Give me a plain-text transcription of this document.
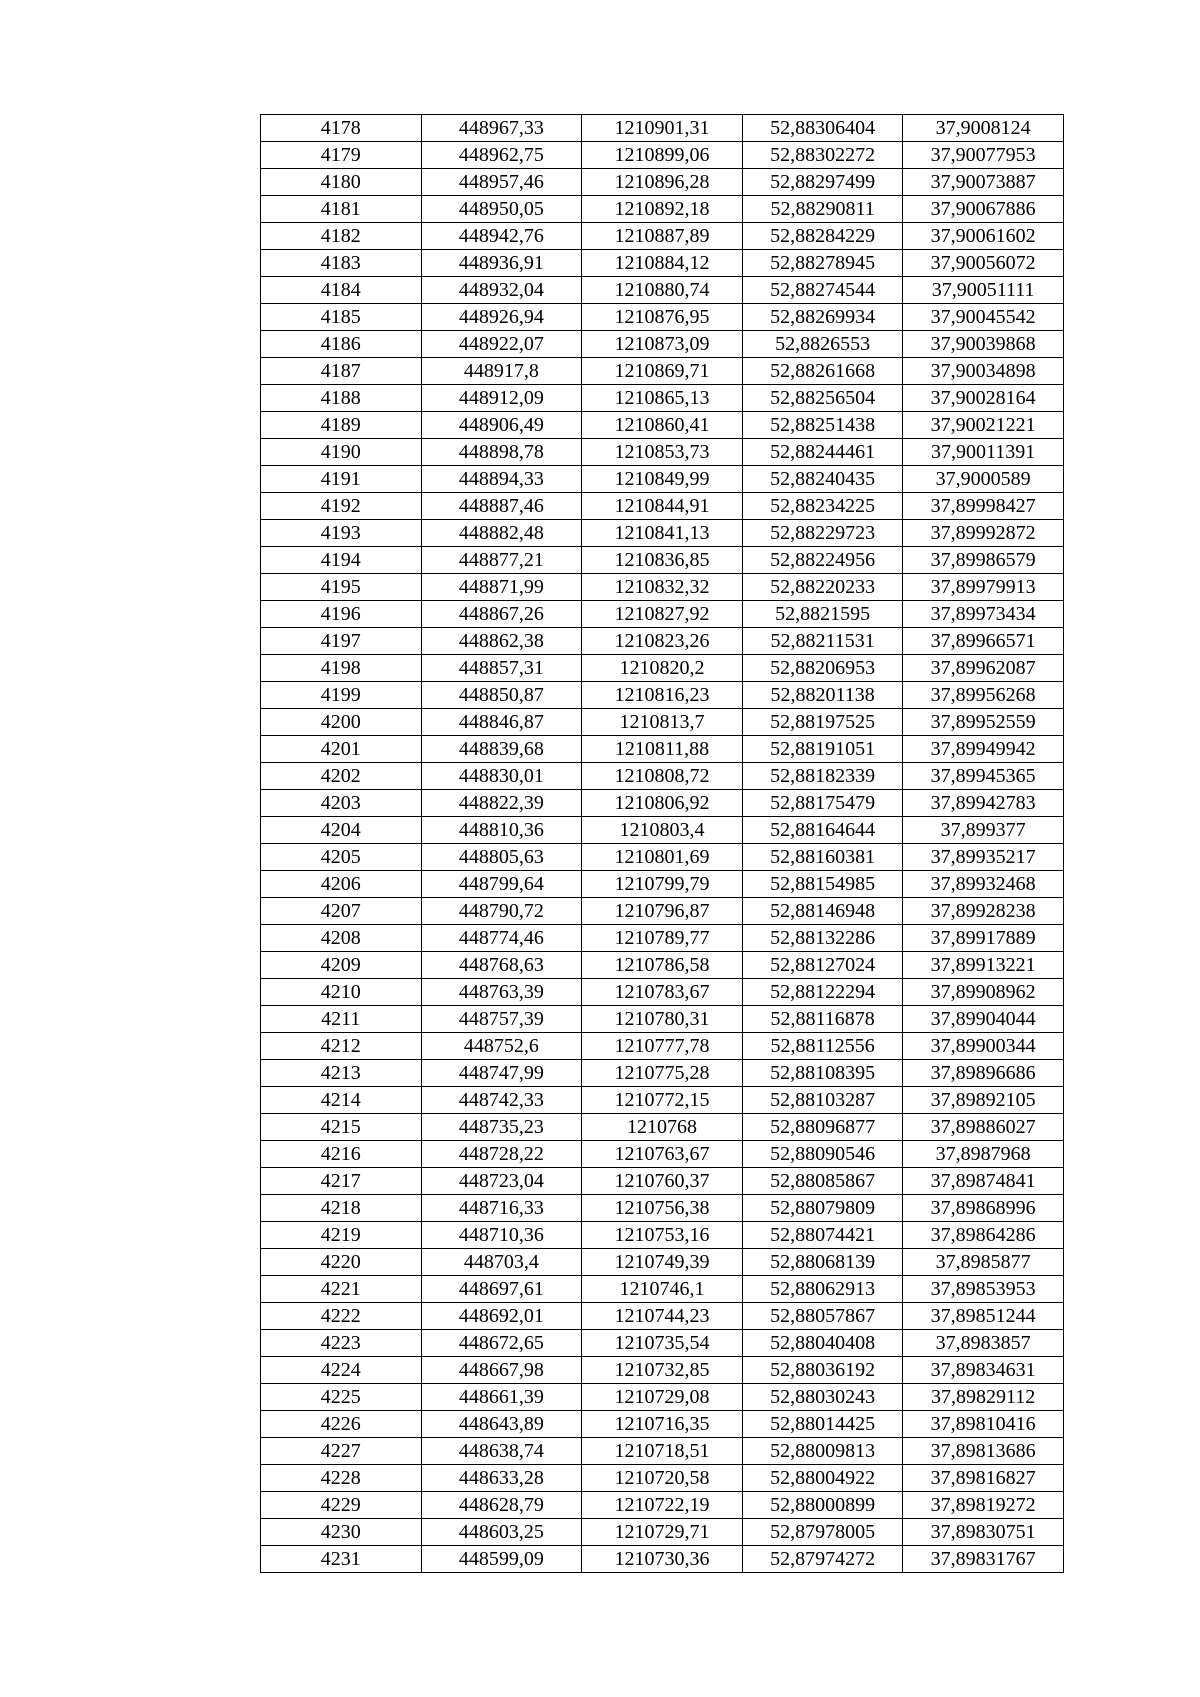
4178	448967,33	1210901,31	52,88306404	37,9008124
4179	448962,75	1210899,06	52,88302272	37,90077953
4180	448957,46	1210896,28	52,88297499	37,90073887
4181	448950,05	1210892,18	52,88290811	37,90067886
4182	448942,76	1210887,89	52,88284229	37,90061602
4183	448936,91	1210884,12	52,88278945	37,90056072
4184	448932,04	1210880,74	52,88274544	37,90051111
4185	448926,94	1210876,95	52,88269934	37,90045542
4186	448922,07	1210873,09	52,8826553	37,90039868
4187	448917,8	1210869,71	52,88261668	37,90034898
4188	448912,09	1210865,13	52,88256504	37,90028164
4189	448906,49	1210860,41	52,88251438	37,90021221
4190	448898,78	1210853,73	52,88244461	37,90011391
4191	448894,33	1210849,99	52,88240435	37,9000589
4192	448887,46	1210844,91	52,88234225	37,89998427
4193	448882,48	1210841,13	52,88229723	37,89992872
4194	448877,21	1210836,85	52,88224956	37,89986579
4195	448871,99	1210832,32	52,88220233	37,89979913
4196	448867,26	1210827,92	52,8821595	37,89973434
4197	448862,38	1210823,26	52,88211531	37,89966571
4198	448857,31	1210820,2	52,88206953	37,89962087
4199	448850,87	1210816,23	52,88201138	37,89956268
4200	448846,87	1210813,7	52,88197525	37,89952559
4201	448839,68	1210811,88	52,88191051	37,89949942
4202	448830,01	1210808,72	52,88182339	37,89945365
4203	448822,39	1210806,92	52,88175479	37,89942783
4204	448810,36	1210803,4	52,88164644	37,899377
4205	448805,63	1210801,69	52,88160381	37,89935217
4206	448799,64	1210799,79	52,88154985	37,89932468
4207	448790,72	1210796,87	52,88146948	37,89928238
4208	448774,46	1210789,77	52,88132286	37,89917889
4209	448768,63	1210786,58	52,88127024	37,89913221
4210	448763,39	1210783,67	52,88122294	37,89908962
4211	448757,39	1210780,31	52,88116878	37,89904044
4212	448752,6	1210777,78	52,88112556	37,89900344
4213	448747,99	1210775,28	52,88108395	37,89896686
4214	448742,33	1210772,15	52,88103287	37,89892105
4215	448735,23	1210768	52,88096877	37,89886027
4216	448728,22	1210763,67	52,88090546	37,8987968
4217	448723,04	1210760,37	52,88085867	37,89874841
4218	448716,33	1210756,38	52,88079809	37,89868996
4219	448710,36	1210753,16	52,88074421	37,89864286
4220	448703,4	1210749,39	52,88068139	37,8985877
4221	448697,61	1210746,1	52,88062913	37,89853953
4222	448692,01	1210744,23	52,88057867	37,89851244
4223	448672,65	1210735,54	52,88040408	37,8983857
4224	448667,98	1210732,85	52,88036192	37,89834631
4225	448661,39	1210729,08	52,88030243	37,89829112
4226	448643,89	1210716,35	52,88014425	37,89810416
4227	448638,74	1210718,51	52,88009813	37,89813686
4228	448633,28	1210720,58	52,88004922	37,89816827
4229	448628,79	1210722,19	52,88000899	37,89819272
4230	448603,25	1210729,71	52,87978005	37,89830751
4231	448599,09	1210730,36	52,87974272	37,89831767
